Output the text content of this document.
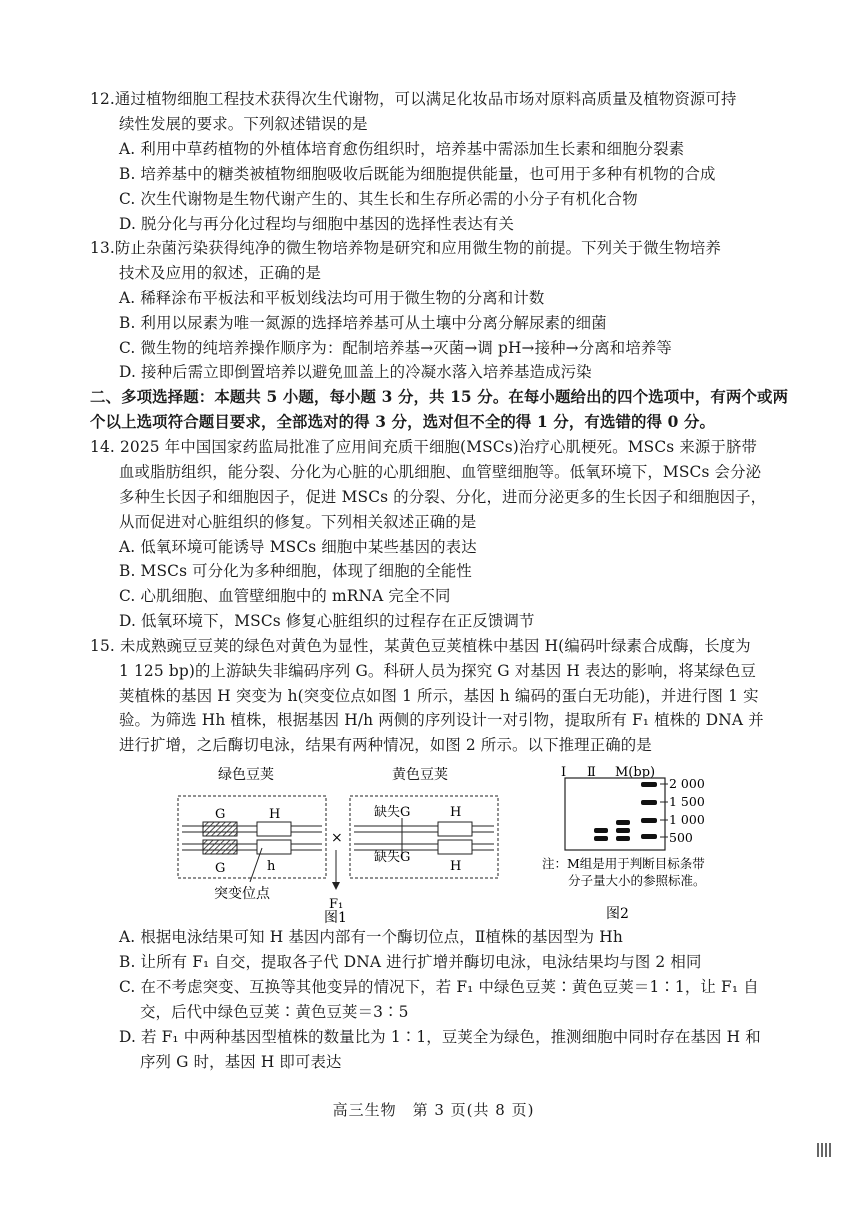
12.通过植物细胞工程技术获得次生代谢物，可以满足化妆品市场对原料高质量及植物资源可持
续性发展的要求。下列叙述错误的是
A. 利用中草药植物的外植体培育愈伤组织时，培养基中需添加生长素和细胞分裂素
B. 培养基中的糖类被植物细胞吸收后既能为细胞提供能量，也可用于多种有机物的合成
C. 次生代谢物是生物代谢产生的、其生长和生存所必需的小分子有机化合物
D. 脱分化与再分化过程均与细胞中基因的选择性表达有关
13.防止杂菌污染获得纯净的微生物培养物是研究和应用微生物的前提。下列关于微生物培养
技术及应用的叙述，正确的是
A. 稀释涂布平板法和平板划线法均可用于微生物的分离和计数
B. 利用以尿素为唯一氮源的选择培养基可从土壤中分离分解尿素的细菌
C. 微生物的纯培养操作顺序为：配制培养基→灭菌→调 pH→接种→分离和培养等
D. 接种后需立即倒置培养以避免皿盖上的冷凝水落入培养基造成污染
二、多项选择题：本题共 5 小题，每小题 3 分，共 15 分。在每小题给出的四个选项中，有两个或两
个以上选项符合题目要求，全部选对的得 3 分，选对但不全的得 1 分，有选错的得 0 分。
14. 2025 年中国国家药监局批准了应用间充质干细胞(MSCs)治疗心肌梗死。MSCs 来源于脐带
血或脂肪组织，能分裂、分化为心脏的心肌细胞、血管壁细胞等。低氧环境下，MSCs 会分泌
多种生长因子和细胞因子，促进 MSCs 的分裂、分化，进而分泌更多的生长因子和细胞因子，
从而促进对心脏组织的修复。下列相关叙述正确的是
A. 低氧环境可能诱导 MSCs 细胞中某些基因的表达
B. MSCs 可分化为多种细胞，体现了细胞的全能性
C. 心肌细胞、血管壁细胞中的 mRNA 完全不同
D. 低氧环境下，MSCs 修复心脏组织的过程存在正反馈调节
15. 未成熟豌豆豆荚的绿色对黄色为显性，某黄色豆荚植株中基因 H(编码叶绿素合成酶，长度为
1 125 bp)的上游缺失非编码序列 G。科研人员为探究 G 对基因 H 表达的影响，将某绿色豆
荚植株的基因 H 突变为 h(突变位点如图 1 所示，基因 h 编码的蛋白无功能)，并进行图 1 实
验。为筛选 Hh 植株，根据基因 H/h 两侧的序列设计一对引物，提取所有 F₁ 植株的 DNA 并
进行扩增，之后酶切电泳，结果有两种情况，如图 2 所示。以下推理正确的是
绿色豆荚	黄色豆荚
G	H
G	h
突变位点
×
F₁
缺失G	H
缺失G
H
图1
Ⅰ Ⅱ M(bp)
2 000
1 500
1 000
500
注：M组是用于判断目标条带
分子量大小的参照标准。
图2
A. 根据电泳结果可知 H 基因内部有一个酶切位点，Ⅱ植株的基因型为 Hh
B. 让所有 F₁ 自交，提取各子代 DNA 进行扩增并酶切电泳，电泳结果均与图 2 相同
C. 在不考虑突变、互换等其他变异的情况下，若 F₁ 中绿色豆荚∶黄色豆荚＝1∶1，让 F₁ 自
交，后代中绿色豆荚∶黄色豆荚＝3∶5
D. 若 F₁ 中两种基因型植株的数量比为 1∶1，豆荚全为绿色，推测细胞中同时存在基因 H 和
序列 G 时，基因 H 即可表达
高三生物　第 3 页(共 8 页)
